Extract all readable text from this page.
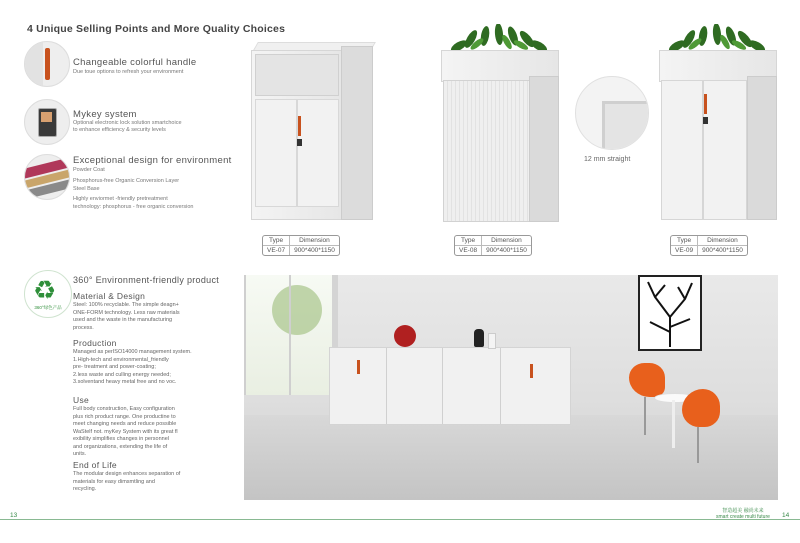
4 Unique Selling Points and More Quality Choices
Changeable colorful handle
Due toue options to refresh your environment
Mykey system
Optional electronic lock solution smartchoice
to enhance efficiency & security levels
Exceptional design for environment
Powder Coat
Phosphorus-free Organic Conversion Layer
Steel Base
Highly enviormet -friendly pretreatment
technology: phosphorus - free organic conversion
12 mm straight
Type	Dimension
VE-07	900*400*1150
Type	Dimension
VE-08	900*400*1150
Type	Dimension
VE-09	900*400*1150
♻
360°绿色产品
360° Environment-friendly product
Material & Design
Steel: 100% recyclable. The simple deagn+
ONE-FORM technology. Less raw materials
used and the waste in the manufacturing
process.
Production
Managed as perISO14000 management system.
1.High-tech and environmental_friendly
pre- treatment and power-coating;
2.less waste and culling energy needed;
3.solventand heavy metal free and no voc.
Use
Full body construction, Easy configuration
plus rich product range. One productine to
meet changing needs and reduce possible
WaStelf not. myKey System with its great fl
exibility simplifies changes in personnel
and organizations, extending the life of
units.
End of Life
The modular design enhances separation of
materials for easy dimsmtling and
recycling.
13
智造超美 融尚未来
smart create multi future 14
